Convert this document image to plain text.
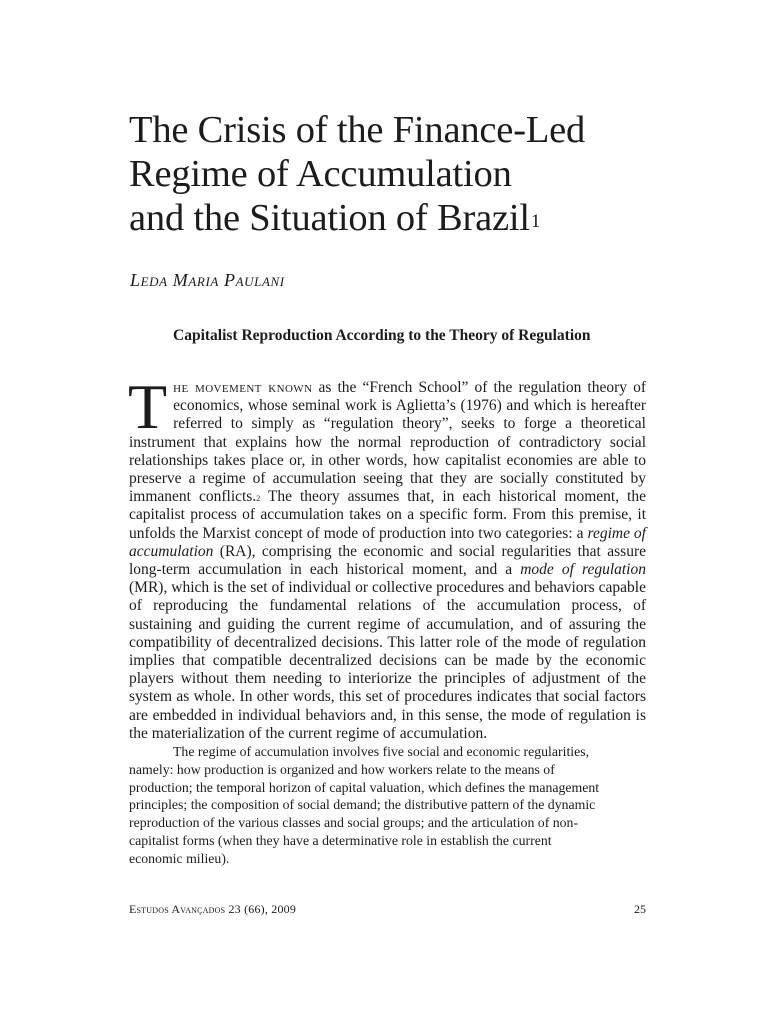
The Crisis of the Finance-Led
Regime of Accumulation
and the Situation of Brazil$^1$
Leda Maria Paulani
Capitalist Reproduction According to the Theory of Regulation

The movement known as the “French School” of the regulation theory of economics, whose seminal work is Aglietta’s (1976) and which is hereafter referred to simply as “regulation theory”, seeks to forge a theoretical instrument that explains how the normal reproduction of contradictory social relationships takes place or, in other words, how capitalist economies are able to preserve a regime of accumulation seeing that they are socially constituted by immanent conflicts.$^2$ The theory assumes that, in each historical moment, the capitalist process of accumulation takes on a specific form. From this premise, it unfolds the Marxist concept of mode of production into two categories: a regime of accumulation (RA), comprising the economic and social regularities that assure long-term accumulation in each historical moment, and a mode of regulation (MR), which is the set of individual or collective procedures and behaviors capable of reproducing the fundamental relations of the accumulation process, of sustaining and guiding the current regime of accumulation, and of assuring the compatibility of decentralized decisions. This latter role of the mode of regulation implies that compatible decentralized decisions can be made by the economic players without them needing to interiorize the principles of adjustment of the system as whole. In other words, this set of procedures indicates that social factors are embedded in individual behaviors and, in this sense, the mode of regulation is the materialization of the current regime of accumulation.

The regime of accumulation involves five social and economic regularities, namely: how production is organized and how workers relate to the means of production; the temporal horizon of capital valuation, which defines the management principles; the composition of social demand; the distributive pattern of the dynamic reproduction of the various classes and social groups; and the articulation of non-capitalist forms (when they have a determinative role in establish the current economic milieu).

Estudos Avançados 23 (66), 2009	25
